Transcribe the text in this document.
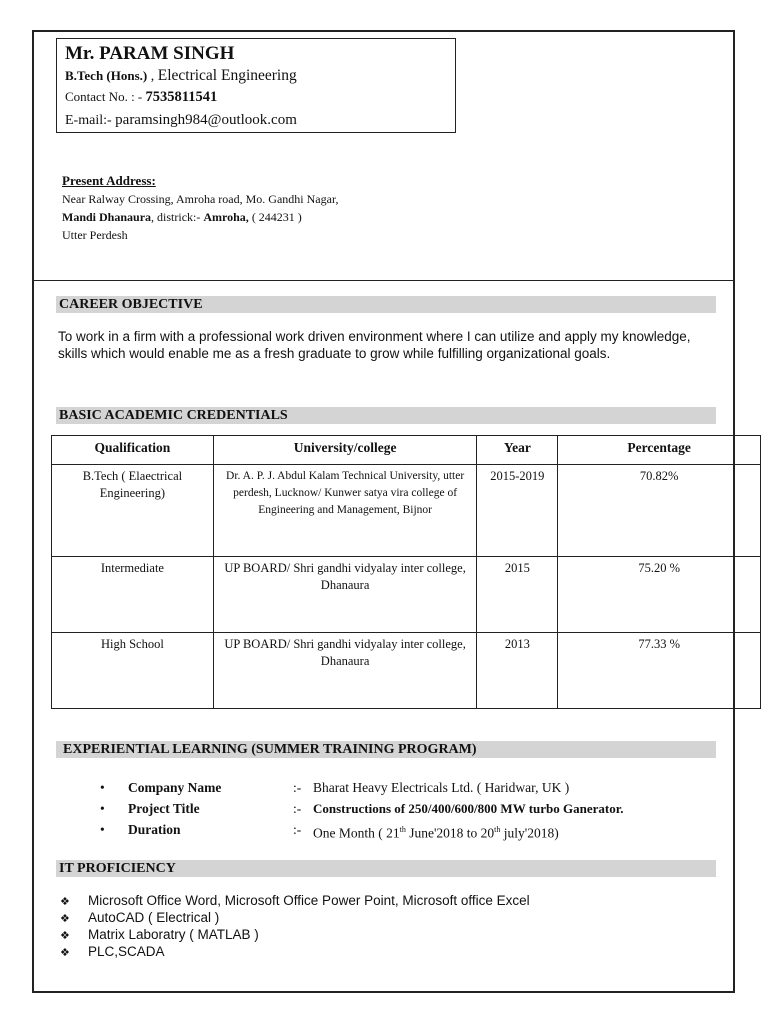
Mr. PARAM SINGH
B.Tech (Hons.) , Electrical Engineering
Contact No. : - 7535811541
E-mail:- paramsingh984@outlook.com
Present Address:
Near Ralway Crossing, Amroha road, Mo. Gandhi Nagar,
Mandi Dhanaura, districk:- Amroha, ( 244231 )
Utter Perdesh
CAREER OBJECTIVE
To work in a firm with a professional work driven environment where I can utilize and apply my knowledge, skills which would enable me as a fresh graduate to grow while fulfilling organizational goals.
BASIC ACADEMIC CREDENTIALS
Qualification	University/college	Year	Percentage
B.Tech ( Elaectrical Engineering)	Dr. A. P. J. Abdul Kalam Technical University, utter perdesh, Lucknow/ Kunwer satya vira college of Engineering and Management, Bijnor	2015-2019	70.82%
Intermediate	UP BOARD/ Shri gandhi vidyalay inter college, Dhanaura	2015	75.20 %
High School	UP BOARD/ Shri gandhi vidyalay inter college, Dhanaura	2013	77.33 %
EXPERIENTIAL LEARNING (SUMMER TRAINING PROGRAM)
• Company Name	:- Bharat Heavy Electricals Ltd. ( Haridwar, UK )
• Project Title	:- Constructions of 250/400/600/800 MW turbo Ganerator.
• Duration	:- One Month ( 21th June'2018 to 20th july'2018)
IT PROFICIENCY
❖ Microsoft Office Word, Microsoft Office Power Point, Microsoft office Excel
❖ AutoCAD ( Electrical )
❖ Matrix Laboratry ( MATLAB )
❖ PLC,SCADA
